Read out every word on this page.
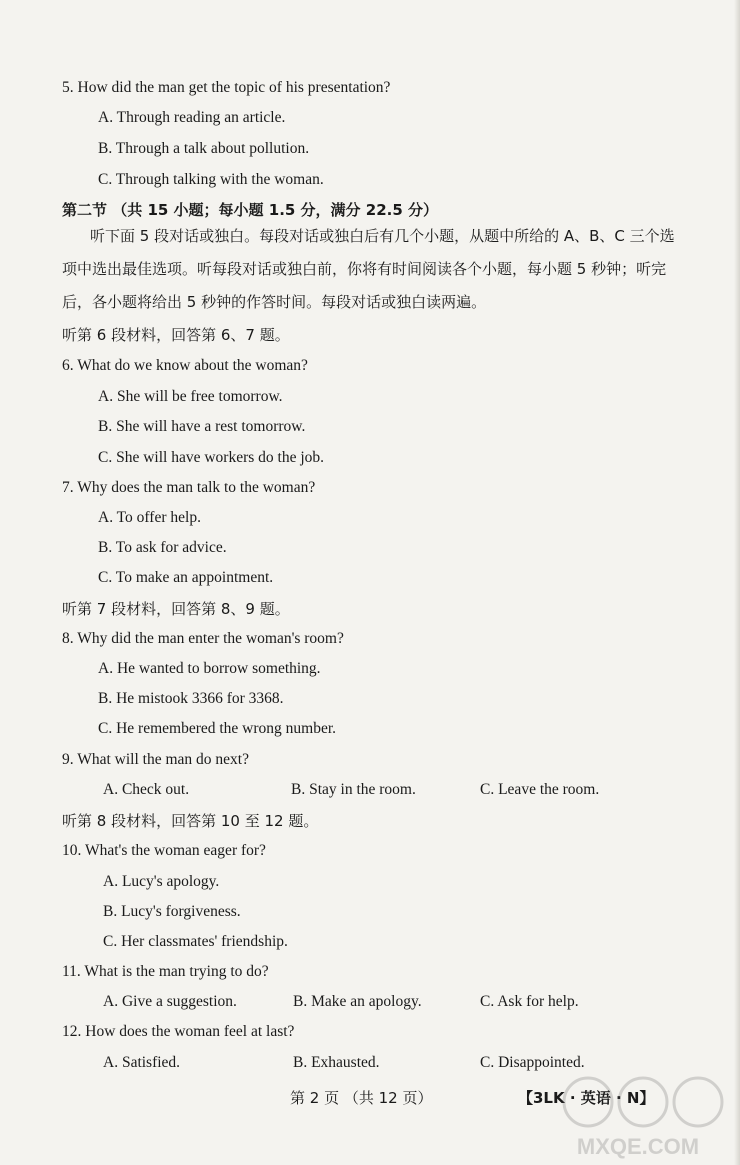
5. How did the man get the topic of his presentation?
A. Through reading an article.
B. Through a talk about pollution.
C. Through talking with the woman.
第二节 （共 15 小题；每小题 1.5 分，满分 22.5 分）
听下面 5 段对话或独白。每段对话或独白后有几个小题，从题中所给的 A、B、C 三个选项中选出最佳选项。听每段对话或独白前，你将有时间阅读各个小题，每小题 5 秒钟；听完后，各小题将给出 5 秒钟的作答时间。每段对话或独白读两遍。
听第 6 段材料，回答第 6、7 题。
6. What do we know about the woman?
A. She will be free tomorrow.
B. She will have a rest tomorrow.
C. She will have workers do the job.
7. Why does the man talk to the woman?
A. To offer help.
B. To ask for advice.
C. To make an appointment.
听第 7 段材料，回答第 8、9 题。
8. Why did the man enter the woman's room?
A. He wanted to borrow something.
B. He mistook 3366 for 3368.
C. He remembered the wrong number.
9. What will the man do next?
A. Check out.	B. Stay in the room.	C. Leave the room.
听第 8 段材料，回答第 10 至 12 题。
10. What's the woman eager for?
A. Lucy's apology.
B. Lucy's forgiveness.
C. Her classmates' friendship.
11. What is the man trying to do?
A. Give a suggestion.	B. Make an apology.	C. Ask for help.
12. How does the woman feel at last?
A. Satisfied.	B. Exhausted.	C. Disappointed.
第 2 页 （共 12 页）	【3LK · 英语 · N】
MXQE.COM
